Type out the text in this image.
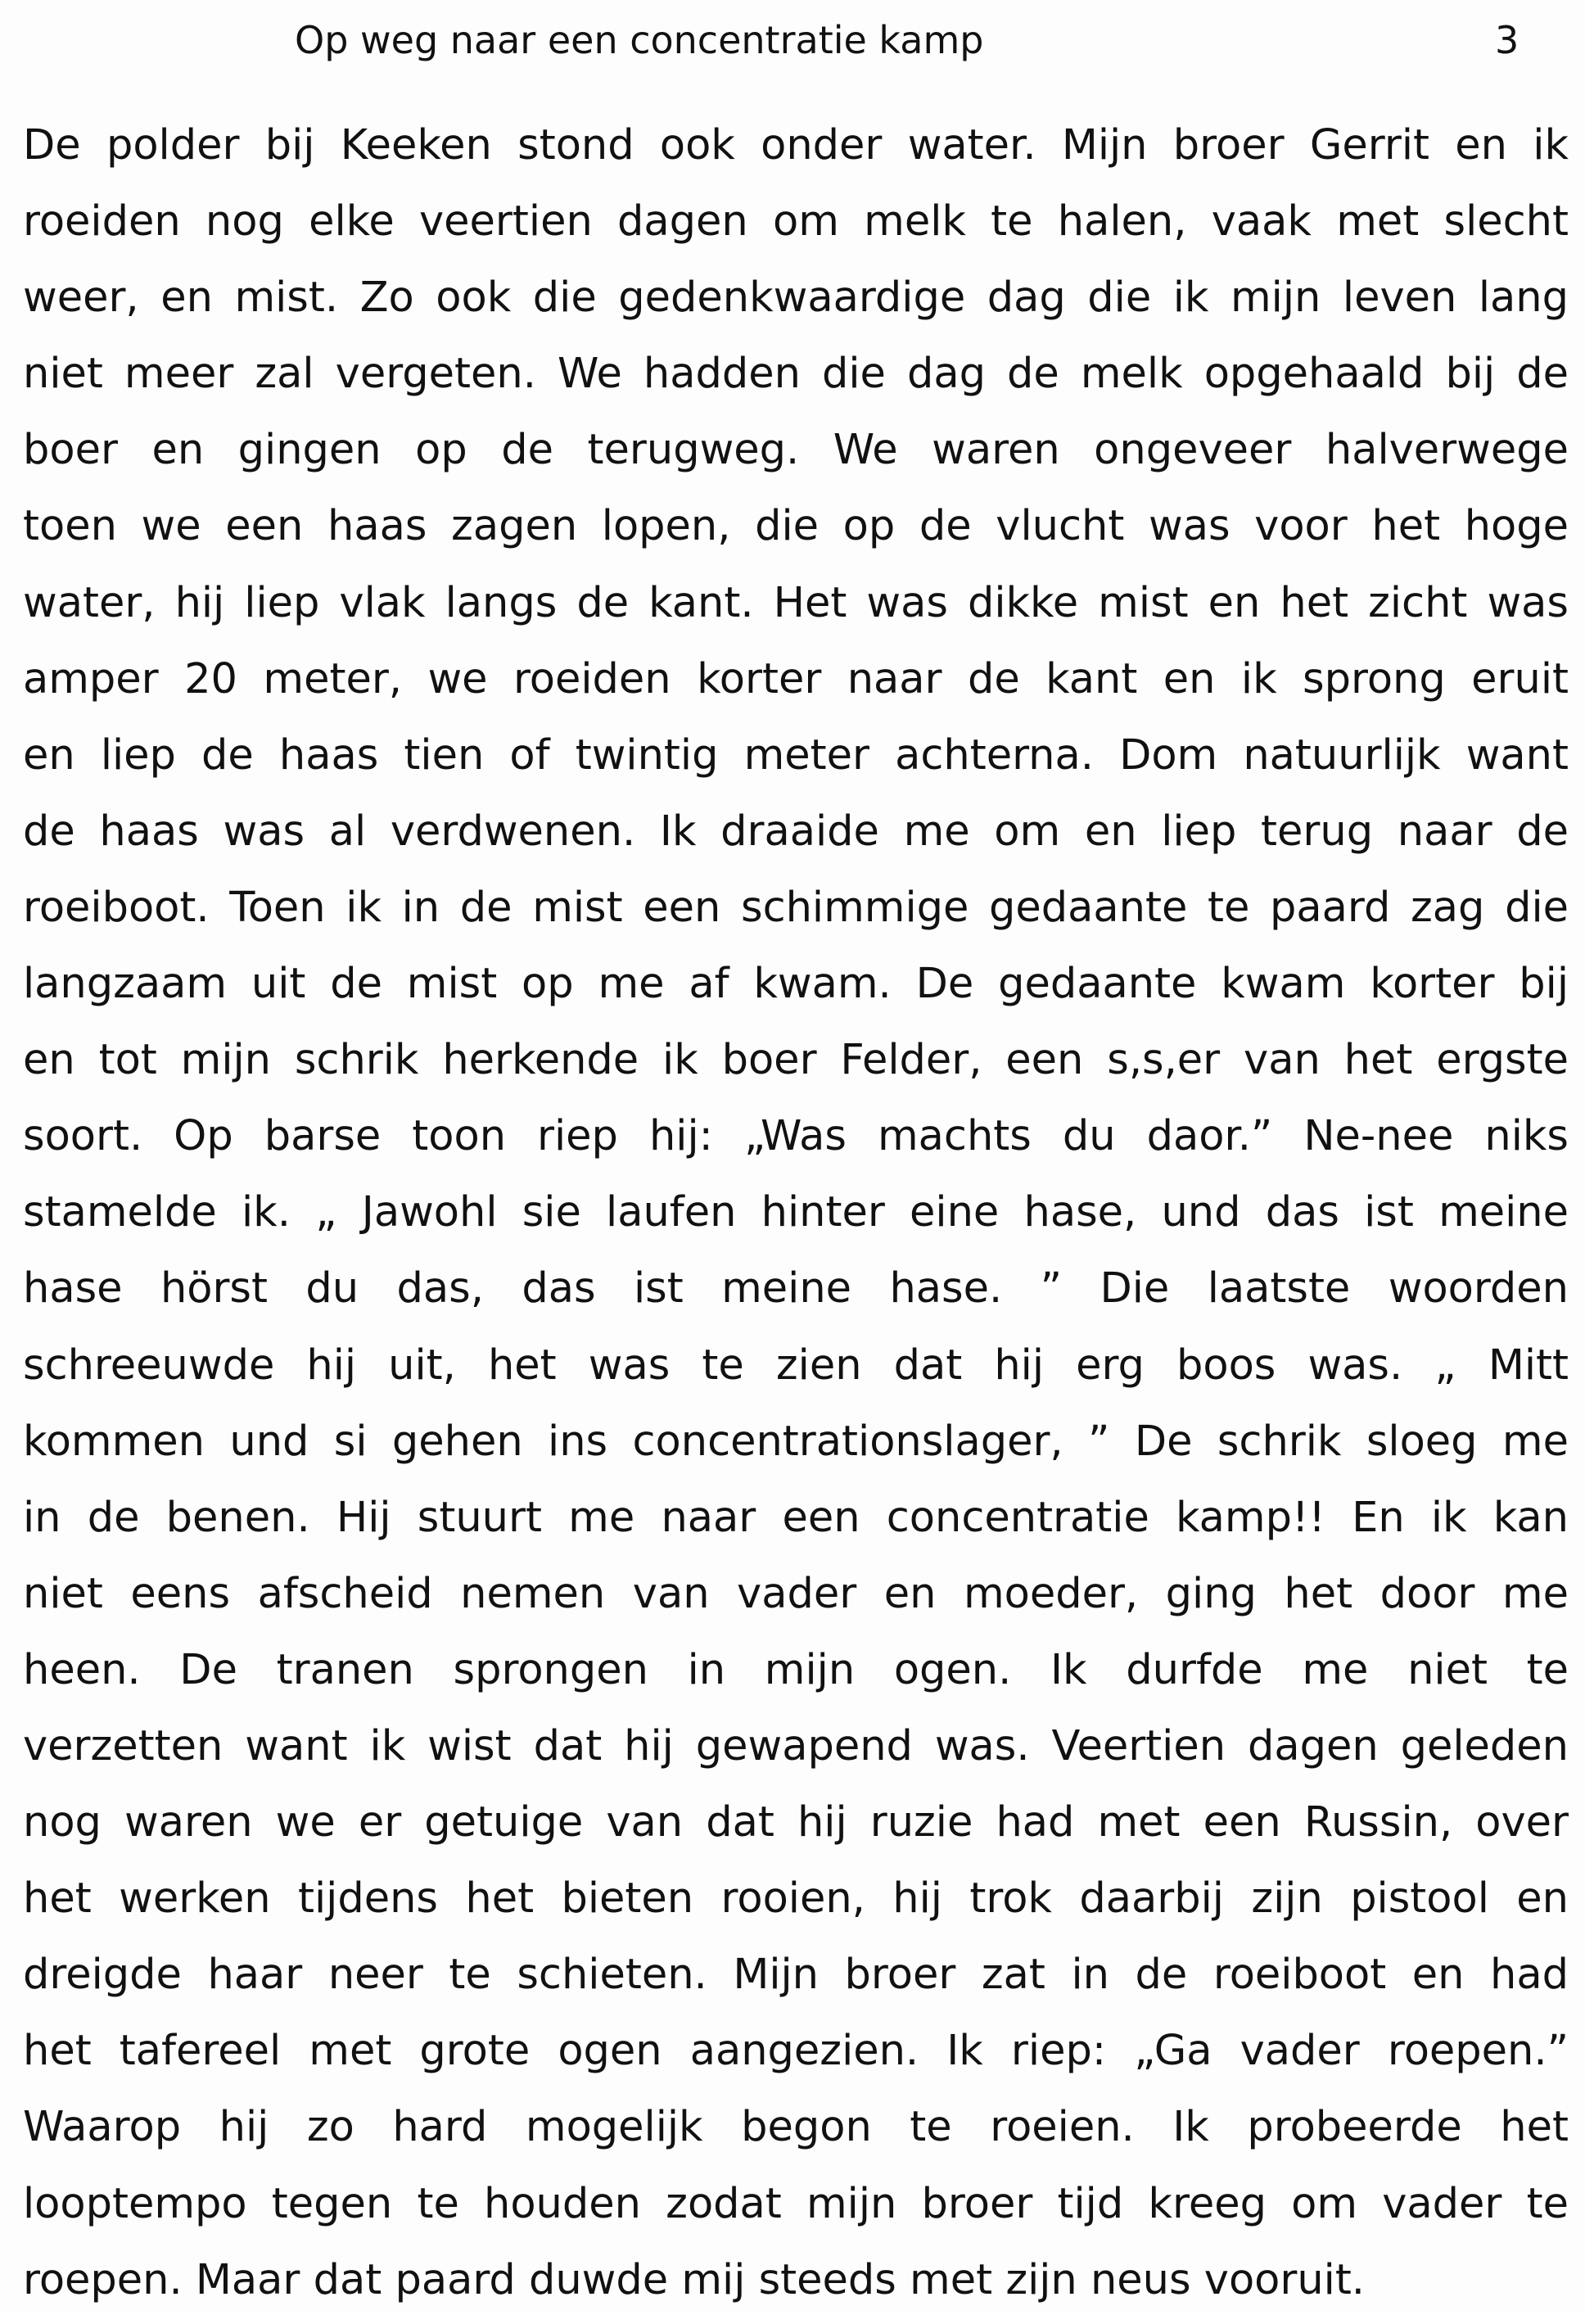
Op weg naar een concentratie kamp	3
De polder bij Keeken stond ook onder water. Mijn broer Gerrit en ik
roeiden nog elke veertien dagen om melk te halen, vaak met slecht
weer, en mist. Zo ook die gedenkwaardige dag die ik mijn leven lang
niet meer zal vergeten. We hadden die dag de melk opgehaald bij de
boer en gingen op de terugweg. We waren ongeveer halverwege
toen we een haas zagen lopen, die op de vlucht was voor het hoge
water, hij liep vlak langs de kant. Het was dikke mist en het zicht was
amper 20 meter, we roeiden korter naar de kant en ik sprong eruit
en liep de haas tien of twintig meter achterna. Dom natuurlijk want
de haas was al verdwenen. Ik draaide me om en liep terug naar de
roeiboot. Toen ik in de mist een schimmige gedaante te paard zag die
langzaam uit de mist op me af kwam. De gedaante kwam korter bij
en tot mijn schrik herkende ik boer Felder, een s,s,er van het ergste
soort. Op barse toon riep hij: „Was machts du daor.” Ne-nee niks
stamelde ik. „ Jawohl sie laufen hinter eine hase, und das ist meine
hase hörst du das, das ist meine hase. ” Die laatste woorden
schreeuwde hij uit, het was te zien dat hij erg boos was. „ Mitt
kommen und si gehen ins concentrationslager, ” De schrik sloeg me
in de benen. Hij stuurt me naar een concentratie kamp!! En ik kan
niet eens afscheid nemen van vader en moeder, ging het door me
heen. De tranen sprongen in mijn ogen. Ik durfde me niet te
verzetten want ik wist dat hij gewapend was. Veertien dagen geleden
nog waren we er getuige van dat hij ruzie had met een Russin, over
het werken tijdens het bieten rooien, hij trok daarbij zijn pistool en
dreigde haar neer te schieten. Mijn broer zat in de roeiboot en had
het tafereel met grote ogen aangezien. Ik riep: „Ga vader roepen.”
Waarop hij zo hard mogelijk begon te roeien. Ik probeerde het
looptempo tegen te houden zodat mijn broer tijd kreeg om vader te
roepen. Maar dat paard duwde mij steeds met zijn neus vooruit.
